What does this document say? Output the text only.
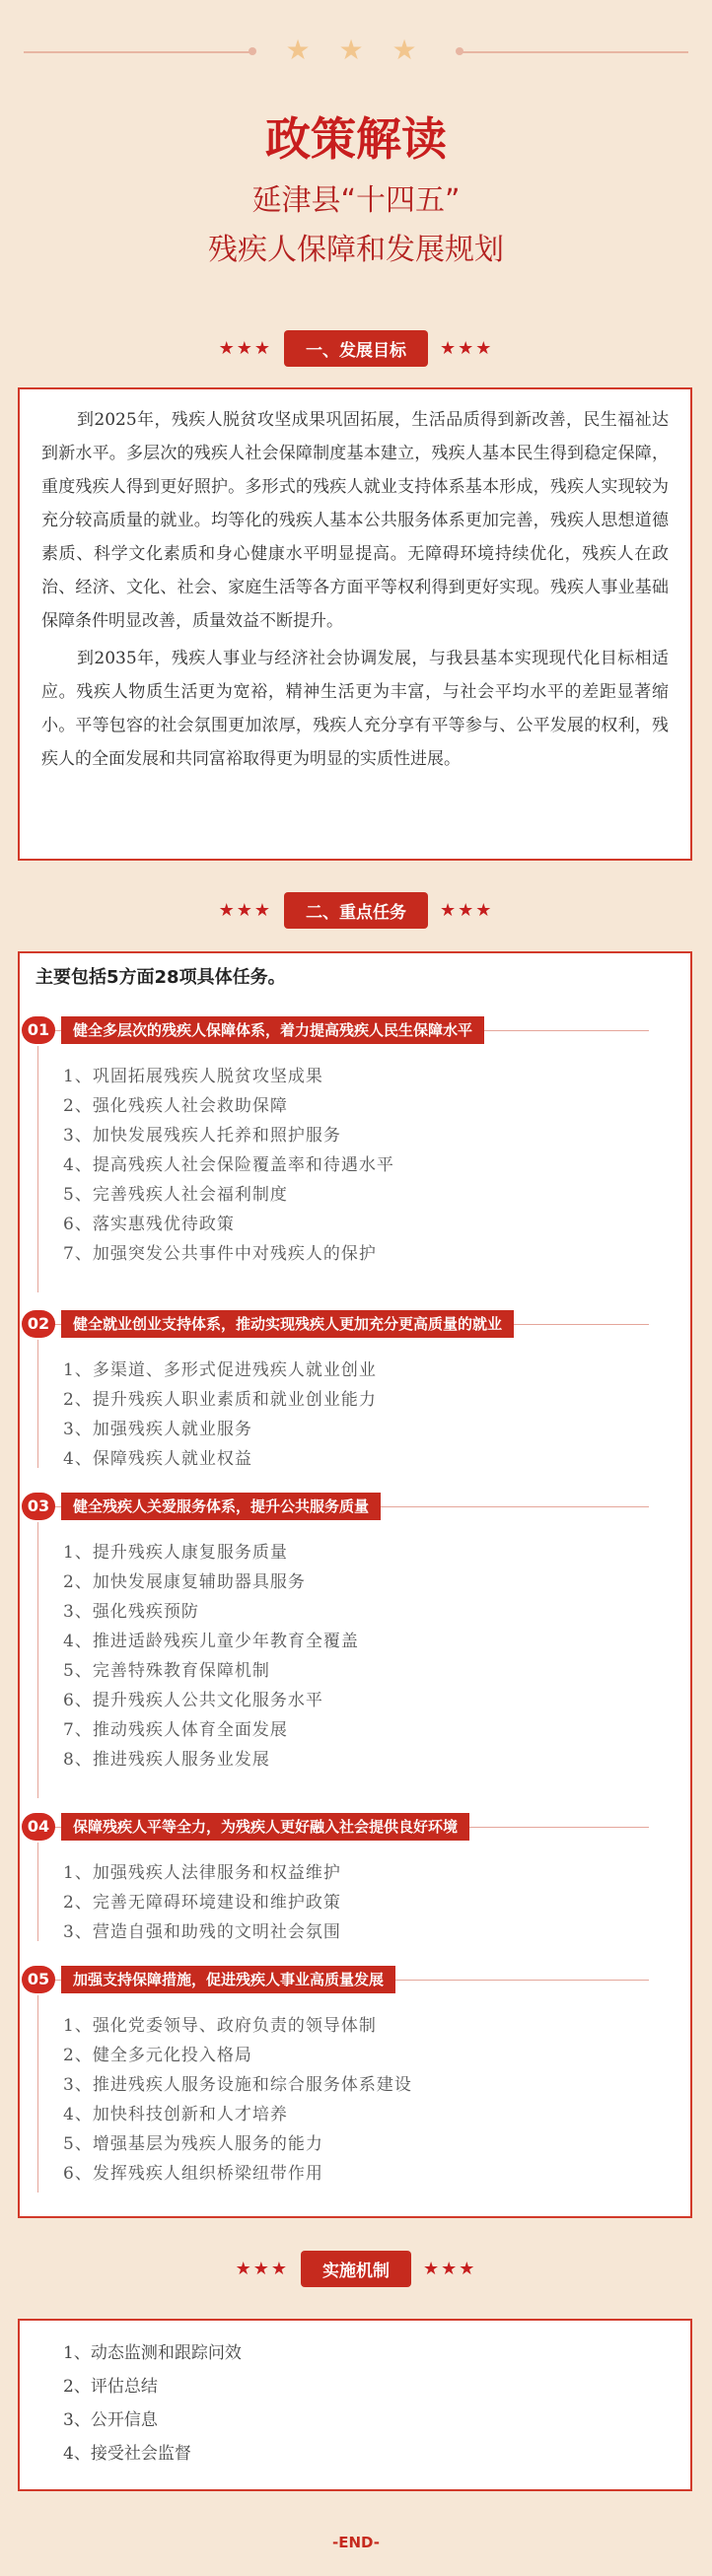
★ ★ ★
政策解读
延津县“十四五”
残疾人保障和发展规划
★★★ 一、发展目标 ★★★

到2025年，残疾人脱贫攻坚成果巩固拓展，生活品质得到新改善，民生福祉达到新水平。多层次的残疾人社会保障制度基本建立，残疾人基本民生得到稳定保障，重度残疾人得到更好照护。多形式的残疾人就业支持体系基本形成，残疾人实现较为充分较高质量的就业。均等化的残疾人基本公共服务体系更加完善，残疾人思想道德素质、科学文化素质和身心健康水平明显提高。无障碍环境持续优化，残疾人在政治、经济、文化、社会、家庭生活等各方面平等权利得到更好实现。残疾人事业基础保障条件明显改善，质量效益不断提升。

到2035年，残疾人事业与经济社会协调发展，与我县基本实现现代化目标相适应。残疾人物质生活更为宽裕，精神生活更为丰富，与社会平均水平的差距显著缩小。平等包容的社会氛围更加浓厚，残疾人充分享有平等参与、公平发展的权利，残疾人的全面发展和共同富裕取得更为明显的实质性进展。

★★★ 二、重点任务 ★★★
主要包括5方面28项具体任务。
01	健全多层次的残疾人保障体系，着力提高残疾人民生保障水平
1、巩固拓展残疾人脱贫攻坚成果
2、强化残疾人社会救助保障
3、加快发展残疾人托养和照护服务
4、提高残疾人社会保险覆盖率和待遇水平
5、完善残疾人社会福利制度
6、落实惠残优待政策
7、加强突发公共事件中对残疾人的保护
02	健全就业创业支持体系，推动实现残疾人更加充分更高质量的就业
1、多渠道、多形式促进残疾人就业创业
2、提升残疾人职业素质和就业创业能力
3、加强残疾人就业服务
4、保障残疾人就业权益
03	健全残疾人关爱服务体系，提升公共服务质量
1、提升残疾人康复服务质量
2、加快发展康复辅助器具服务
3、强化残疾预防
4、推进适龄残疾儿童少年教育全覆盖
5、完善特殊教育保障机制
6、提升残疾人公共文化服务水平
7、推动残疾人体育全面发展
8、推进残疾人服务业发展
04	保障残疾人平等全力，为残疾人更好融入社会提供良好环境
1、加强残疾人法律服务和权益维护
2、完善无障碍环境建设和维护政策
3、营造自强和助残的文明社会氛围
05	加强支持保障措施，促进残疾人事业高质量发展
1、强化党委领导、政府负责的领导体制
2、健全多元化投入格局
3、推进残疾人服务设施和综合服务体系建设
4、加快科技创新和人才培养
5、增强基层为残疾人服务的能力
6、发挥残疾人组织桥梁纽带作用
★★★ 实施机制 ★★★
1、动态监测和跟踪问效
2、评估总结
3、公开信息
4、接受社会监督
-END-
